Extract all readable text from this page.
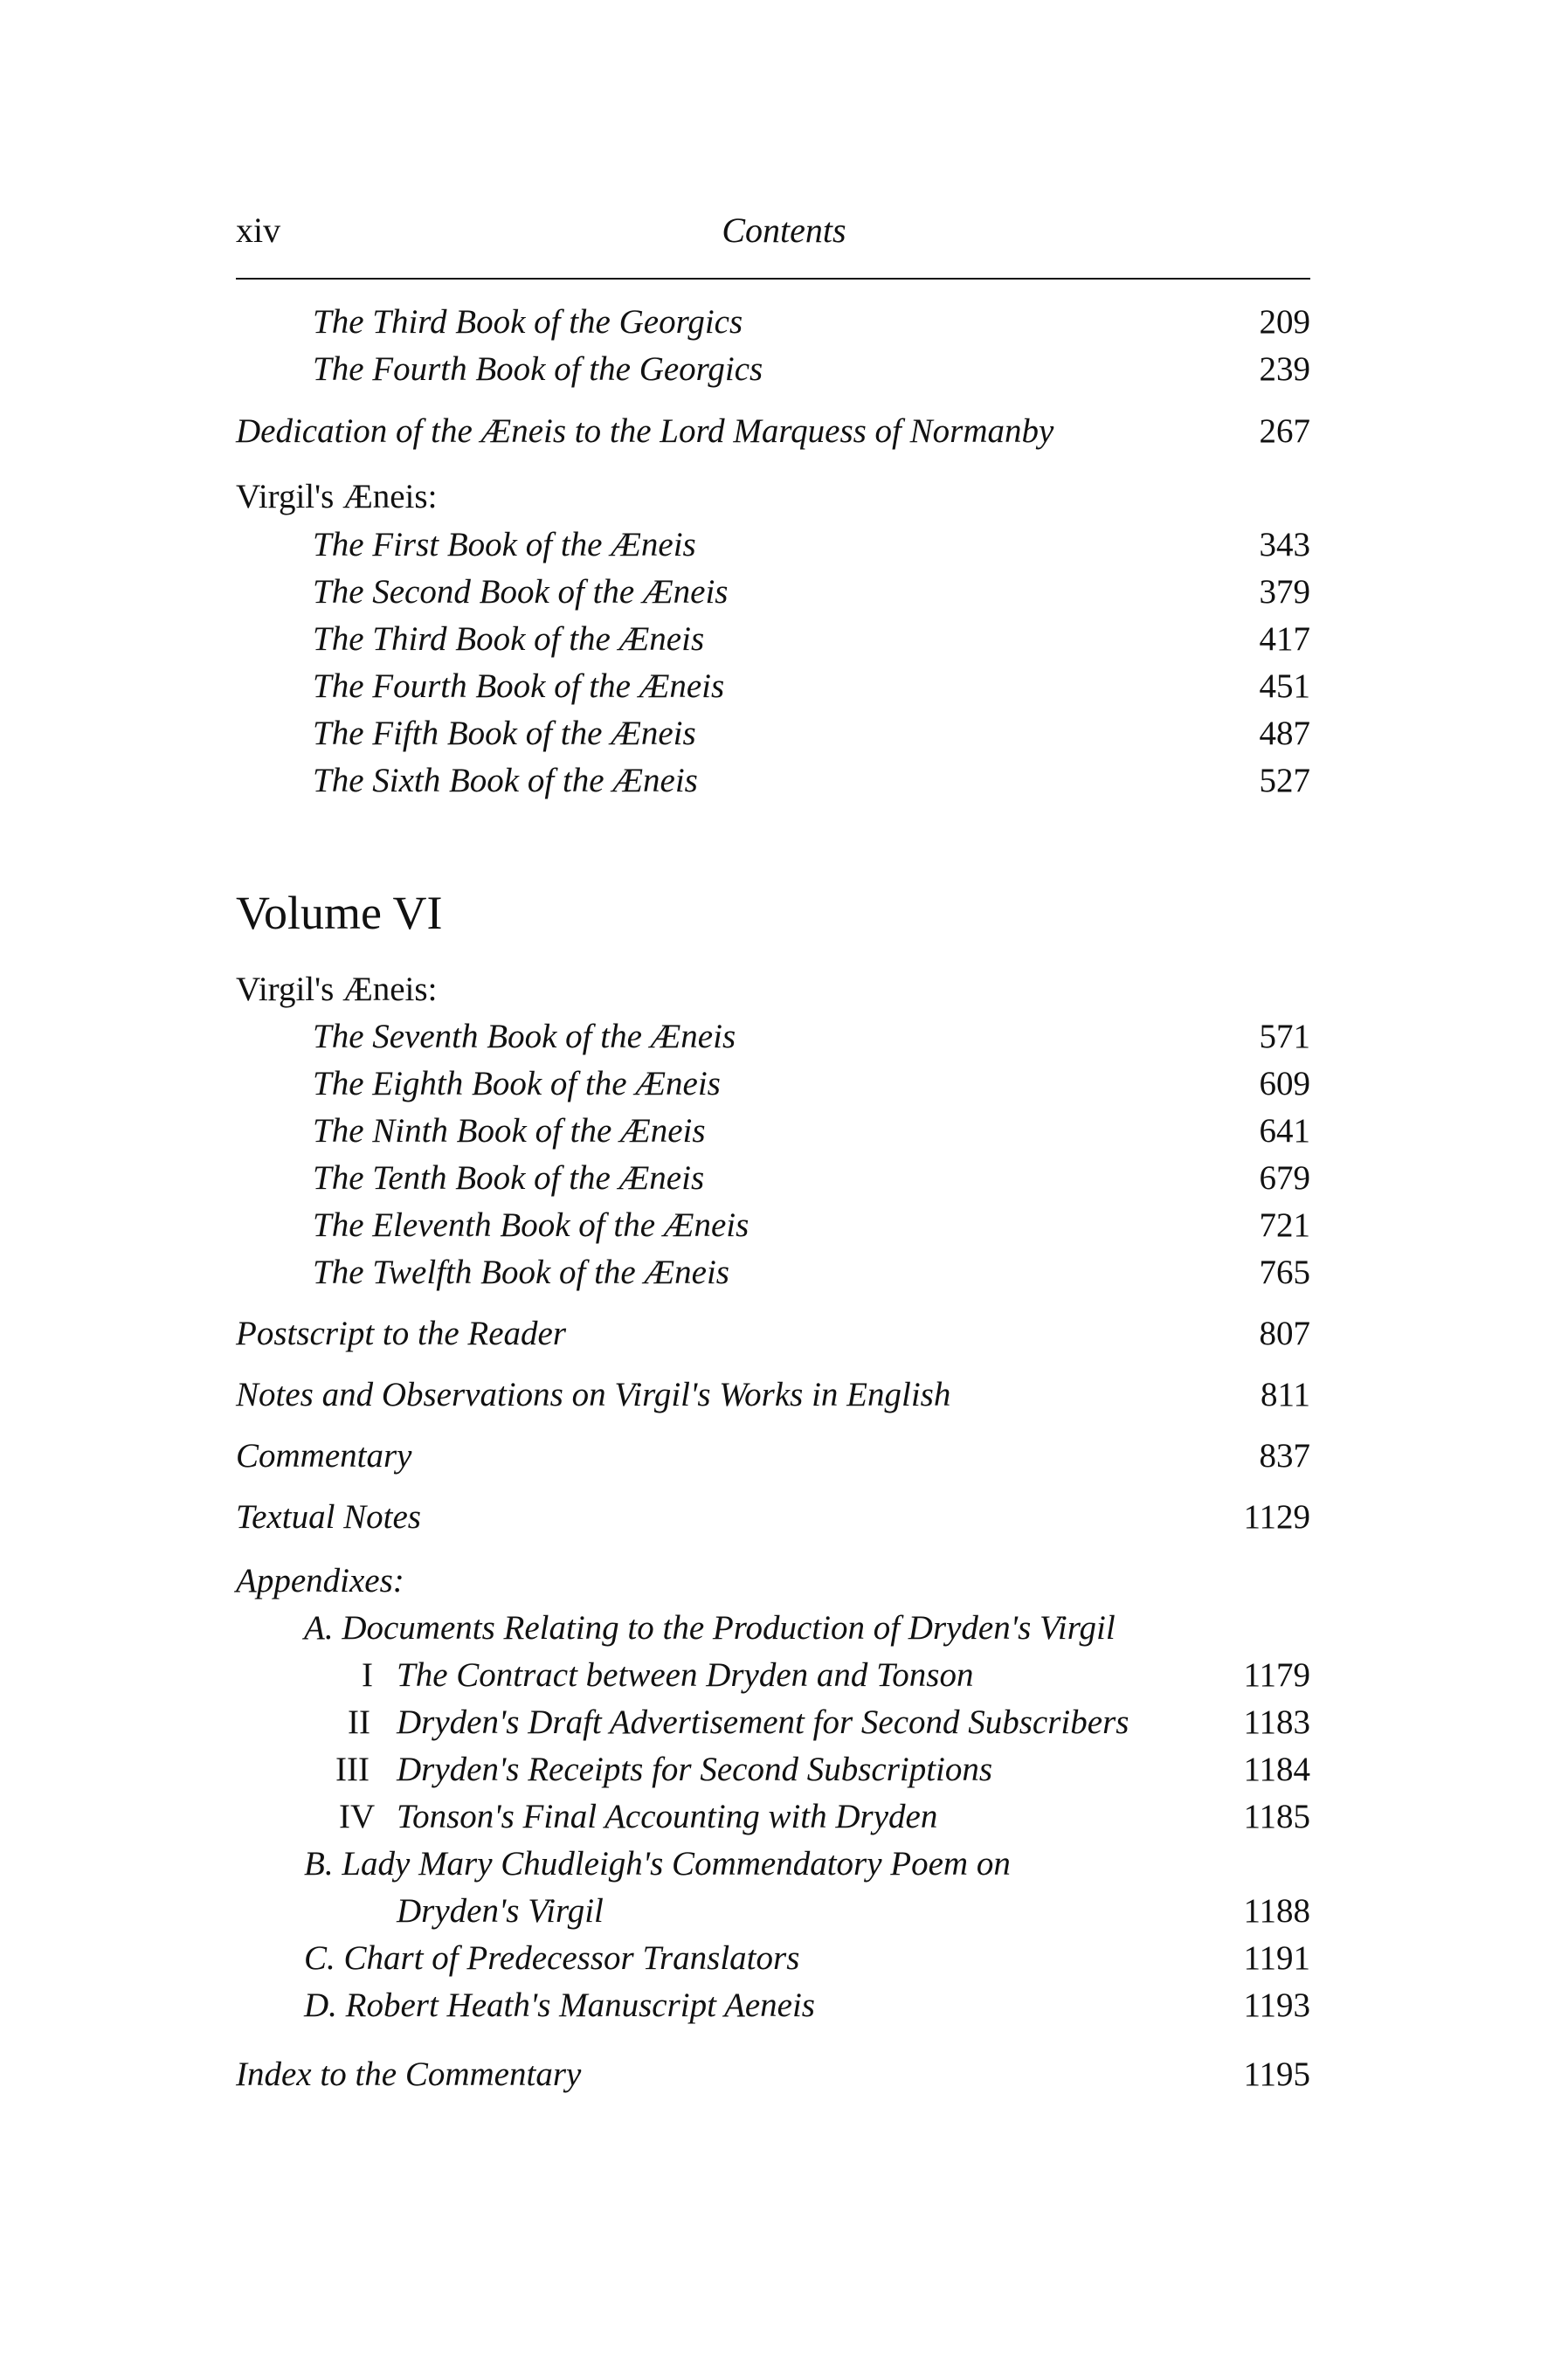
xiv	Contents
The Third Book of the Georgics	209
The Fourth Book of the Georgics	239
Dedication of the Æneis to the Lord Marquess of Normanby	267
Virgil's Æneis:
The First Book of the Æneis	343
The Second Book of the Æneis	379
The Third Book of the Æneis	417
The Fourth Book of the Æneis	451
The Fifth Book of the Æneis	487
The Sixth Book of the Æneis	527
Volume VI
Virgil's Æneis:
The Seventh Book of the Æneis	571
The Eighth Book of the Æneis	609
The Ninth Book of the Æneis	641
The Tenth Book of the Æneis	679
The Eleventh Book of the Æneis	721
The Twelfth Book of the Æneis	765
Postscript to the Reader	807
Notes and Observations on Virgil's Works in English	811
Commentary	837
Textual Notes	1129
Appendixes:
A. Documents Relating to the Production of Dryden's Virgil
I The Contract between Dryden and Tonson	1179
II Dryden's Draft Advertisement for Second Subscribers	1183
III Dryden's Receipts for Second Subscriptions	1184
IV Tonson's Final Accounting with Dryden	1185
B. Lady Mary Chudleigh's Commendatory Poem on
Dryden's Virgil	1188
C. Chart of Predecessor Translators	1191
D. Robert Heath's Manuscript Aeneis	1193
Index to the Commentary	1195
